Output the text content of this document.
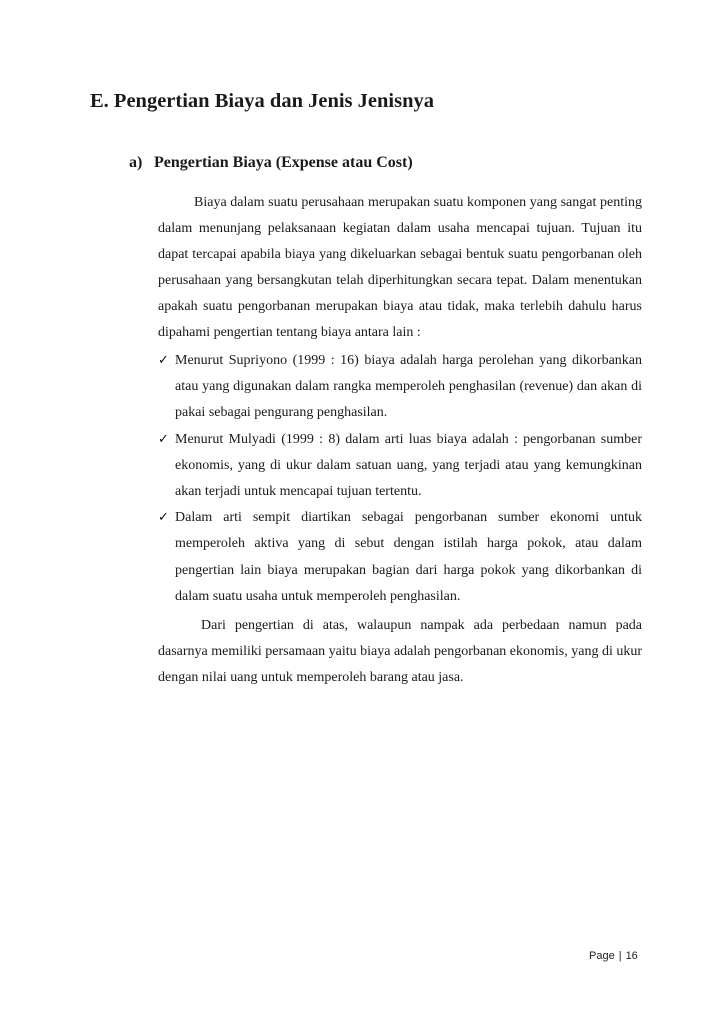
E. Pengertian Biaya dan Jenis Jenisnya
a) Pengertian Biaya (Expense atau Cost)

Biaya dalam suatu perusahaan merupakan suatu komponen yang sangat penting dalam menunjang pelaksanaan kegiatan dalam usaha mencapai tujuan. Tujuan itu dapat tercapai apabila biaya yang dikeluarkan sebagai bentuk suatu pengorbanan oleh perusahaan yang bersangkutan telah diperhitungkan secara tepat. Dalam menentukan apakah suatu pengorbanan merupakan biaya atau tidak, maka terlebih dahulu harus dipahami pengertian tentang biaya antara lain :

✓ Menurut Supriyono (1999 : 16) biaya adalah harga perolehan yang dikorbankan atau yang digunakan dalam rangka memperoleh penghasilan (revenue) dan akan di pakai sebagai pengurang penghasilan.
✓ Menurut Mulyadi (1999 : 8) dalam arti luas biaya adalah : pengorbanan sumber ekonomis, yang di ukur dalam satuan uang, yang terjadi atau yang kemungkinan akan terjadi untuk mencapai tujuan tertentu.
✓ Dalam arti sempit diartikan sebagai pengorbanan sumber ekonomi untuk memperoleh aktiva yang di sebut dengan istilah harga pokok, atau dalam pengertian lain biaya merupakan bagian dari harga pokok yang dikorbankan di dalam suatu usaha untuk memperoleh penghasilan.

Dari pengertian di atas, walaupun nampak ada perbedaan namun pada dasarnya memiliki persamaan yaitu biaya adalah pengorbanan ekonomis, yang di ukur dengan nilai uang untuk memperoleh barang atau jasa.

Page | 16
